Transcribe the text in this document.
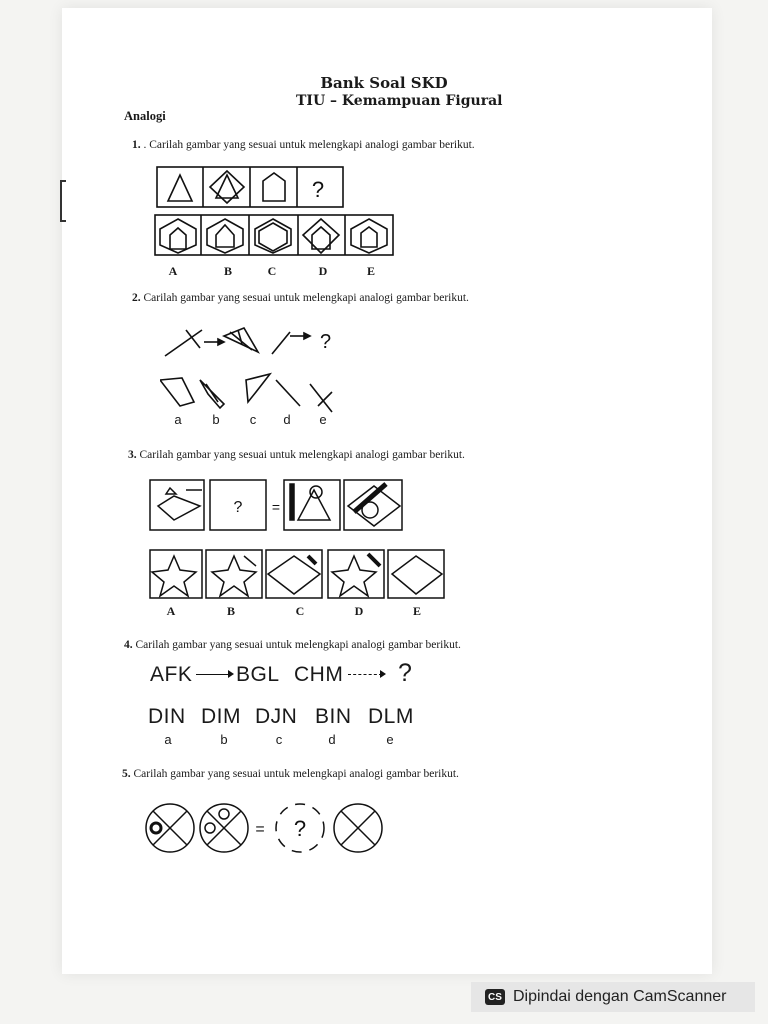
Bank Soal SKD
TIU – Kemampuan Figural
Analogi
1. . Carilah gambar yang sesuai untuk melengkapi analogi gambar berikut.
?
A	B	C	D	E
2. Carilah gambar yang sesuai untuk melengkapi analogi gambar berikut.
?
a	b	c	d	e
3. Carilah gambar yang sesuai untuk melengkapi analogi gambar berikut.
? =
A	B	C	D	E
4. Carilah gambar yang sesuai untuk melengkapi analogi gambar berikut.
AFK BGL CHM ?
DIN DIM DJN BIN DLM
a	b	c	d	e
5. Carilah gambar yang sesuai untuk melengkapi analogi gambar berikut.
= ?
CS Dipindai dengan CamScanner
